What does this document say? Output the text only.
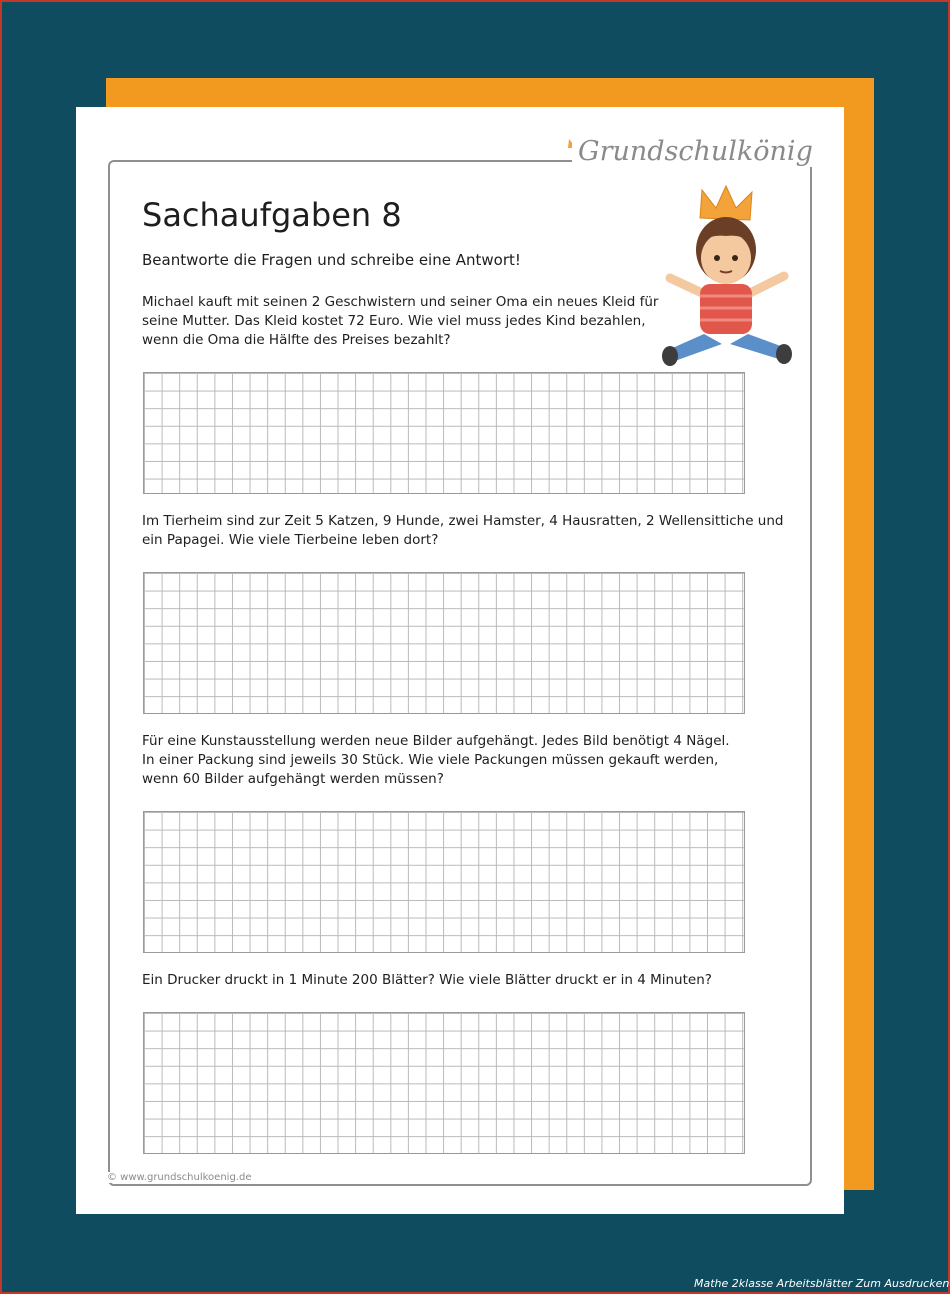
Grundschulkönig
Sachaufgaben 8
Beantworte die Fragen und schreibe eine Antwort!
Michael kauft mit seinen 2 Geschwistern und seiner Oma ein neues Kleid für seine Mutter. Das Kleid kostet 72 Euro. Wie viel muss jedes Kind bezahlen, wenn die Oma die Hälfte des Preises bezahlt?
Im Tierheim sind zur Zeit 5 Katzen, 9 Hunde, zwei Hamster, 4 Hausratten, 2 Wellensittiche und ein Papagei. Wie viele Tierbeine leben dort?
Für eine Kunstausstellung werden neue Bilder aufgehängt. Jedes Bild benötigt 4 Nägel. In einer Packung sind jeweils 30 Stück. Wie viele Packungen müssen gekauft werden, wenn 60 Bilder aufgehängt werden müssen?
Ein Drucker druckt in 1 Minute 200 Blätter? Wie viele Blätter druckt er in 4 Minuten?
© www.grundschulkoenig.de
Mathe 2klasse Arbeitsblätter Zum Ausdrucken
